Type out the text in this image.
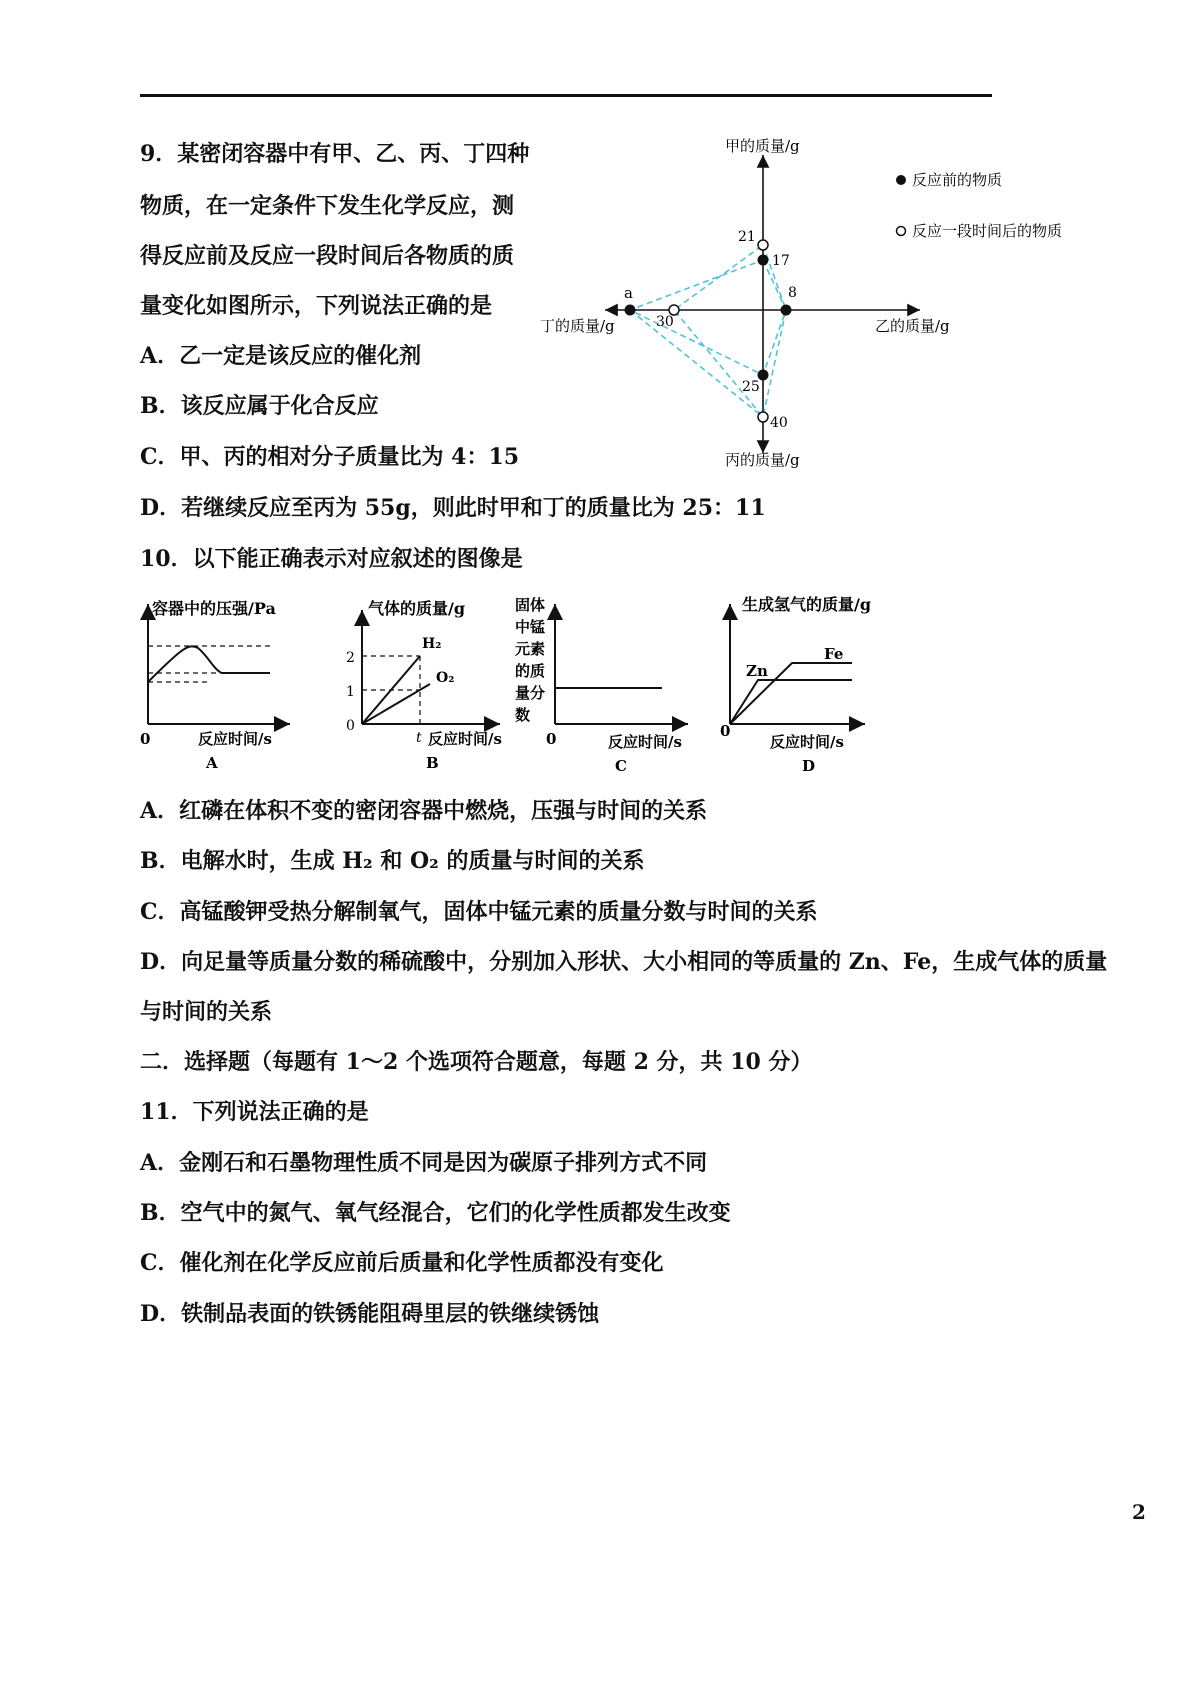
9．某密闭容器中有甲、乙、丙、丁四种
物质，在一定条件下发生化学反应，测
得反应前及反应一段时间后各物质的质
量变化如图所示，下列说法正确的是
A．乙一定是该反应的催化剂
B．该反应属于化合反应
C．甲、丙的相对分子质量比为 4：15
D．若继续反应至丙为 55g，则此时甲和丁的质量比为 25：11
甲的质量/g
乙的质量/g
丙的质量/g
丁的质量/g
21
17
8
a
30
25
40
反应前的物质
反应一段时间后的物质
10．以下能正确表示对应叙述的图像是
容器中的压强/Pa
0	反应时间/s
A
气体的质量/g
2
1
0
t
H₂
O₂
反应时间/s
B
固体
中锰
元素
的质
量分
数
0	反应时间/s
C
生成氢气的质量/g
Zn
Fe
0
反应时间/s
D
A．红磷在体积不变的密闭容器中燃烧，压强与时间的关系
B．电解水时，生成 H₂ 和 O₂ 的质量与时间的关系
C．高锰酸钾受热分解制氧气，固体中锰元素的质量分数与时间的关系
D．向足量等质量分数的稀硫酸中，分别加入形状、大小相同的等质量的 Zn、Fe，生成气体的质量
与时间的关系
二．选择题（每题有 1～2 个选项符合题意，每题 2 分，共 10 分）
11．下列说法正确的是
A．金刚石和石墨物理性质不同是因为碳原子排列方式不同
B．空气中的氮气、氧气经混合，它们的化学性质都发生改变
C．催化剂在化学反应前后质量和化学性质都没有变化
D．铁制品表面的铁锈能阻碍里层的铁继续锈蚀
2
